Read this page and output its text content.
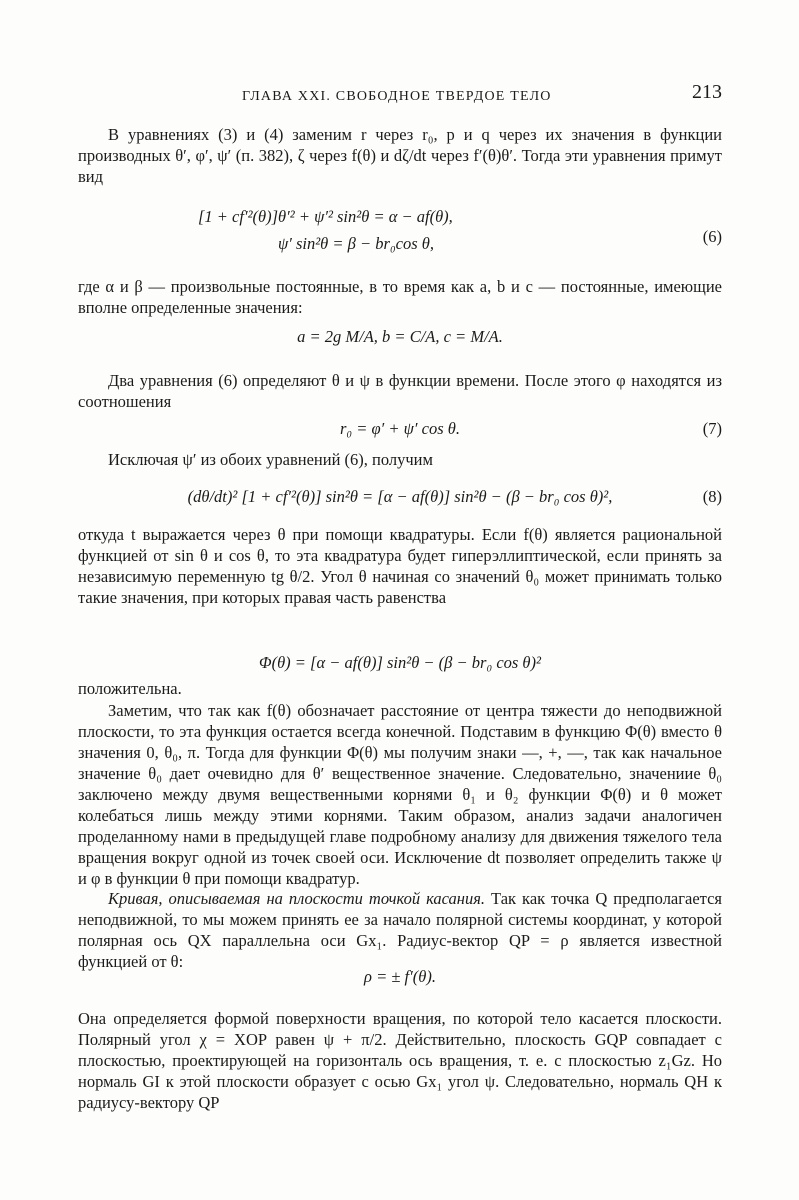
ГЛАВА XXI. СВОБОДНОЕ ТВЕРДОЕ ТЕЛО	213

В уравнениях (3) и (4) заменим r через r₀, p и q через их значения в функции производных θ′, φ′, ψ′ (п. 382), ζ через f(θ) и dζ/dt через f′(θ)θ′. Тогда эти уравнения примут вид

[1 + cf′²(θ)]θ′² + ψ′² sin²θ = α − af(θ),
ψ′ sin²θ = β − br₀cos θ,	(6)

где α и β — произвольные постоянные, в то время как a, b и c — постоянные, имеющие вполне определенные значения:

a = 2g M/A, b = C/A, c = M/A.

Два уравнения (6) определяют θ и ψ в функции времени. После этого φ находятся из соотношения

r₀ = φ′ + ψ′ cos θ.	(7)

Исключая ψ′ из обоих уравнений (6), получим

(dθ/dt)² [1 + cf′²(θ)] sin²θ = [α − af(θ)] sin²θ − (β − br₀ cos θ)²,	(8)

откуда t выражается через θ при помощи квадратуры. Если f(θ) является рациональной функцией от sin θ и cos θ, то эта квадратура будет гиперэллиптической, если принять за независимую переменную tg θ/2. Угол θ начиная со значений θ₀ может принимать только такие значения, при которых правая часть равенства

Φ(θ) = [α − af(θ)] sin²θ − (β − br₀ cos θ)²

положительна.

Заметим, что так как f(θ) обозначает расстояние от центра тяжести до неподвижной плоскости, то эта функция остается всегда конечной. Подставим в функцию Φ(θ) вместо θ значения 0, θ₀, π. Тогда для функции Φ(θ) мы получим знаки —, +, —, так как начальное значение θ₀ дает очевидно для θ′ вещественное значение. Следовательно, значениие θ₀ заключено между двумя вещественными корнями θ₁ и θ₂ функции Φ(θ) и θ может колебаться лишь между этими корнями. Таким образом, анализ задачи аналогичен проделанному нами в предыдущей главе подробному анализу для движения тяжелого тела вращения вокруг одной из точек своей оси. Исключение dt позволяет определить также ψ и φ в функции θ при помощи квадратур.

Кривая, описываемая на плоскости точкой касания. Так как точка Q предполагается неподвижной, то мы можем принять ее за начало полярной системы координат, у которой полярная ось QX параллельна оси Gx₁. Радиус-вектор QP = ρ является известной функцией от θ:

ρ = ± f′(θ).

Она определяется формой поверхности вращения, по которой тело касается плоскости. Полярный угол χ = XOP равен ψ + π/2. Действительно, плоскость GQP совпадает с плоскостью, проектирующей на горизонталь ось вращения, т. е. с плоскостью z₁Gz. Но нормаль GI к этой плоскости образует с осью Gx₁ угол ψ. Следовательно, нормаль QH к радиусу-вектору QP
